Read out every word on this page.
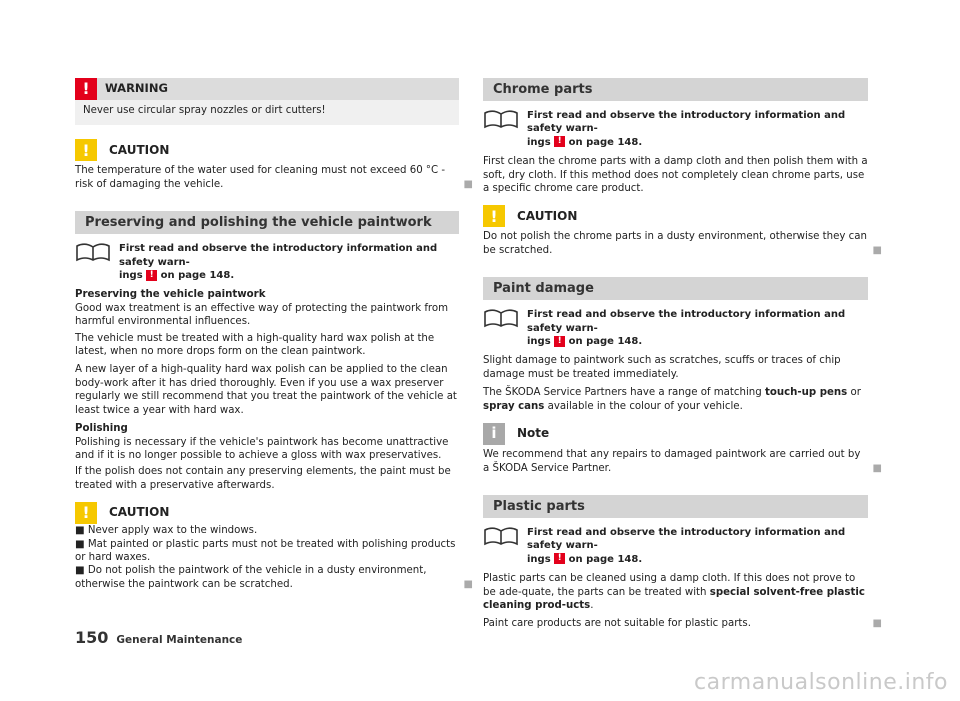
!	WARNING
Never use circular spray nozzles or dirt cutters!
!	CAUTION

The temperature of the water used for cleaning must not exceed 60 °C - risk of damaging the vehicle.	■

Preserving and polishing the vehicle paintwork
First read and observe the introductory information and safety warn-
ings ! on page 148.

Preserving the vehicle paintwork
Good wax treatment is an effective way of protecting the paintwork from harmful environmental influences.

The vehicle must be treated with a high-quality hard wax polish at the latest, when no more drops form on the clean paintwork.

A new layer of a high-quality hard wax polish can be applied to the clean body-work after it has dried thoroughly. Even if you use a wax preserver regularly we still recommend that you treat the paintwork of the vehicle at least twice a year with hard wax.

Polishing
Polishing is necessary if the vehicle's paintwork has become unattractive and if it is no longer possible to achieve a gloss with wax preservatives.

If the polish does not contain any preserving elements, the paint must be treated with a preservative afterwards.

!	CAUTION

■ Never apply wax to the windows.

■ Mat painted or plastic parts must not be treated with polishing products or hard waxes.

■ Do not polish the paintwork of the vehicle in a dusty environment, otherwise the paintwork can be scratched.	■

Chrome parts
First read and observe the introductory information and safety warn-
ings ! on page 148.

First clean the chrome parts with a damp cloth and then polish them with a soft, dry cloth. If this method does not completely clean chrome parts, use a specific chrome care product.

!	CAUTION

Do not polish the chrome parts in a dusty environment, otherwise they can be scratched.	■

Paint damage
First read and observe the introductory information and safety warn-
ings ! on page 148.

Slight damage to paintwork such as scratches, scuffs or traces of chip damage must be treated immediately.

The ŠKODA Service Partners have a range of matching touch-up pens or spray cans available in the colour of your vehicle.

i	Note

We recommend that any repairs to damaged paintwork are carried out by a ŠKODA Service Partner.	■

Plastic parts
First read and observe the introductory information and safety warn-
ings ! on page 148.

Plastic parts can be cleaned using a damp cloth. If this does not prove to be ade-quate, the parts can be treated with special solvent-free plastic cleaning prod-ucts.

Paint care products are not suitable for plastic parts.	■

150 General Maintenance
carmanualsonline.info
